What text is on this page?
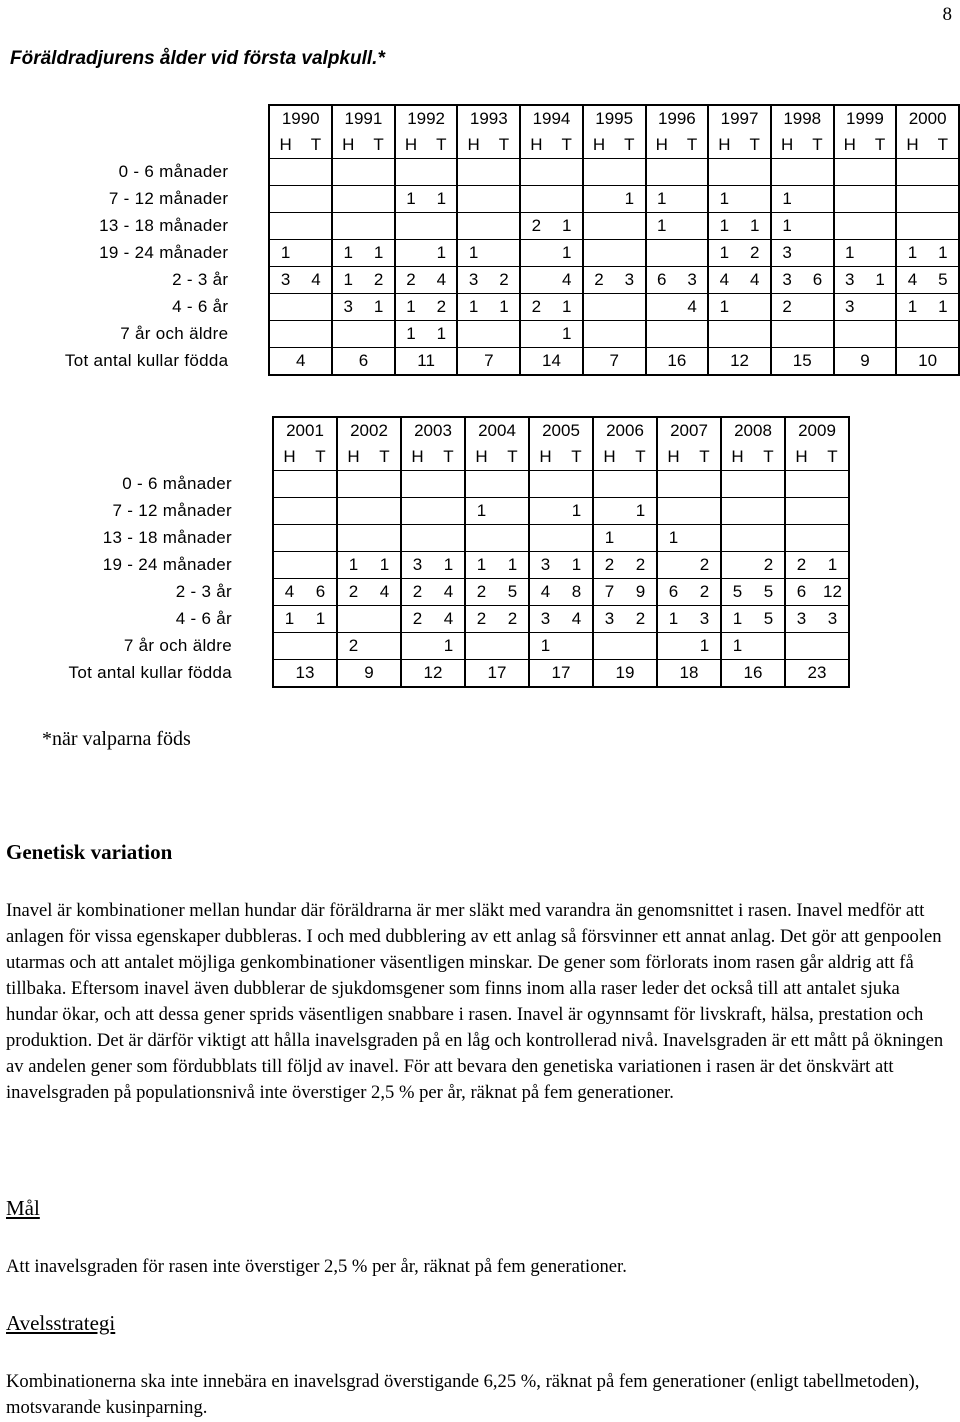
8
Föräldradjurens ålder vid första valpkull.*
	1990		1991		1992		1993		1994		1995		1996		1997		1998		1999		2000	
	H	T	H	T	H	T	H	T	H	T	H	T	H	T	H	T	H	T	H	T	H	T
0 - 6 månader																						
7 - 12 månader					1	1						1	1		1		1					
13 - 18 månader									2	1			1		1	1	1					
19 - 24 månader	1		1	1		1	1			1					1	2	3		1		1	1
2 - 3 år	3	4	1	2	2	4	3	2		4	2	3	6	3	4	4	3	6	3	1	4	5
4 - 6 år			3	1	1	2	1	1	2	1				4	1		2		3		1	1
7 år och äldre					1	1				1												
Tot antal kullar födda	4		6		11		7		14		7		16		12		15		9		10	
	2001		2002		2003		2004		2005		2006		2007		2008		2009	
	H	T	H	T	H	T	H	T	H	T	H	T	H	T	H	T	H	T
0 - 6 månader																		
7 - 12 månader							1			1		1						
13 - 18 månader											1		1					
19 - 24 månader			1	1	3	1	1	1	3	1	2	2		2		2	2	1
2 - 3 år	4	6	2	4	2	4	2	5	4	8	7	9	6	2	5	5	6	12
4 - 6 år	1	1			2	4	2	2	3	4	3	2	1	3	1	5	3	3
7 år och äldre			2			1			1					1	1			
Tot antal kullar födda	13		9		12		17		17		19		18		16		23	
*när valparna föds
Genetisk variation

Inavel är kombinationer mellan hundar där föräldrarna är mer släkt med varandra än genomsnittet i rasen. Inavel medför att anlagen för vissa egenskaper dubbleras. I och med dubblering av ett anlag så försvinner ett annat anlag. Det gör att genpoolen utarmas och att antalet möjliga genkombinationer väsentligen minskar. De gener som förlorats inom rasen går aldrig att få tillbaka. Eftersom inavel även dubblerar de sjukdomsgener som finns inom alla raser leder det också till att antalet sjuka hundar ökar, och att dessa gener sprids väsentligen snabbare i rasen. Inavel är ogynnsamt för livskraft, hälsa, prestation och produktion. Det är därför viktigt att hålla inavelsgraden på en låg och kontrollerad nivå. Inavelsgraden är ett mått på ökningen av andelen gener som fördubblats till följd av inavel. För att bevara den genetiska variationen i rasen är det önskvärt att inavelsgraden på populationsnivå inte överstiger 2,5 % per år, räknat på fem generationer.

Mål

Att inavelsgraden för rasen inte överstiger 2,5 % per år, räknat på fem generationer.

Avelsstrategi

Kombinationerna ska inte innebära en inavelsgrad överstigande 6,25 %, räknat på fem generationer (enligt tabellmetoden), motsvarande kusinparning.
